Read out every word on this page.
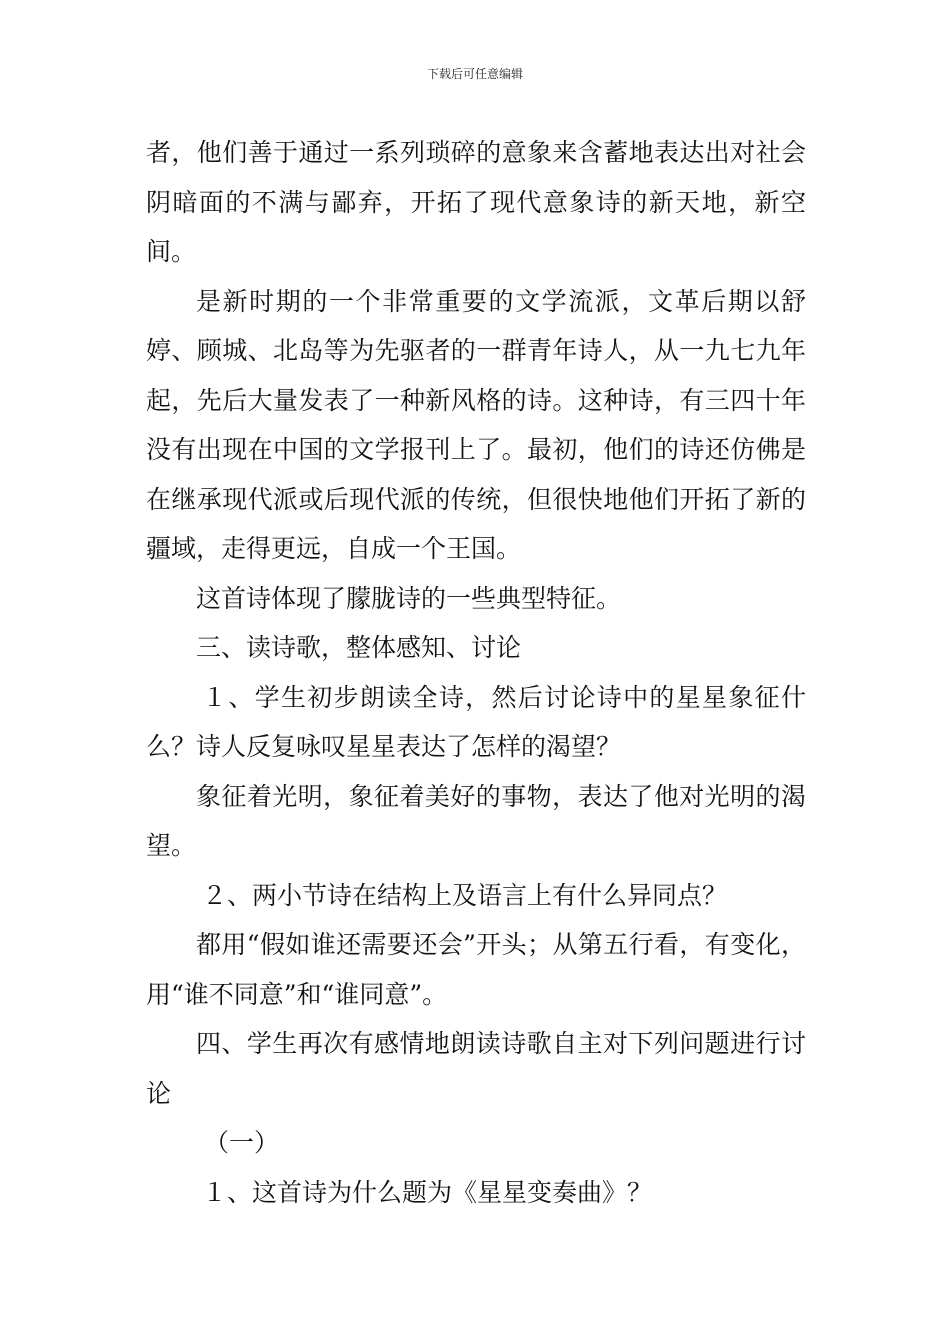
下载后可任意编辑

者，他们善于通过一系列琐碎的意象来含蓄地表达出对社会阴暗面的不满与鄙弃，开拓了现代意象诗的新天地，新空间。

是新时期的一个非常重要的文学流派，文革后期以舒婷、顾城、北岛等为先驱者的一群青年诗人，从一九七九年起，先后大量发表了一种新风格的诗。这种诗，有三四十年没有出现在中国的文学报刊上了。最初，他们的诗还仿佛是在继承现代派或后现代派的传统，但很快地他们开拓了新的疆域，走得更远，自成一个王国。

这首诗体现了朦胧诗的一些典型特征。

三、读诗歌，整体感知、讨论

１、学生初步朗读全诗，然后讨论诗中的星星象征什么？诗人反复咏叹星星表达了怎样的渴望？

象征着光明，象征着美好的事物，表达了他对光明的渴望。

２、两小节诗在结构上及语言上有什么异同点？

都用“假如谁还需要还会”开头；从第五行看，有变化，用“谁不同意”和“谁同意”。

四、学生再次有感情地朗读诗歌自主对下列问题进行讨论

（一）

１、这首诗为什么题为《星星变奏曲》？
